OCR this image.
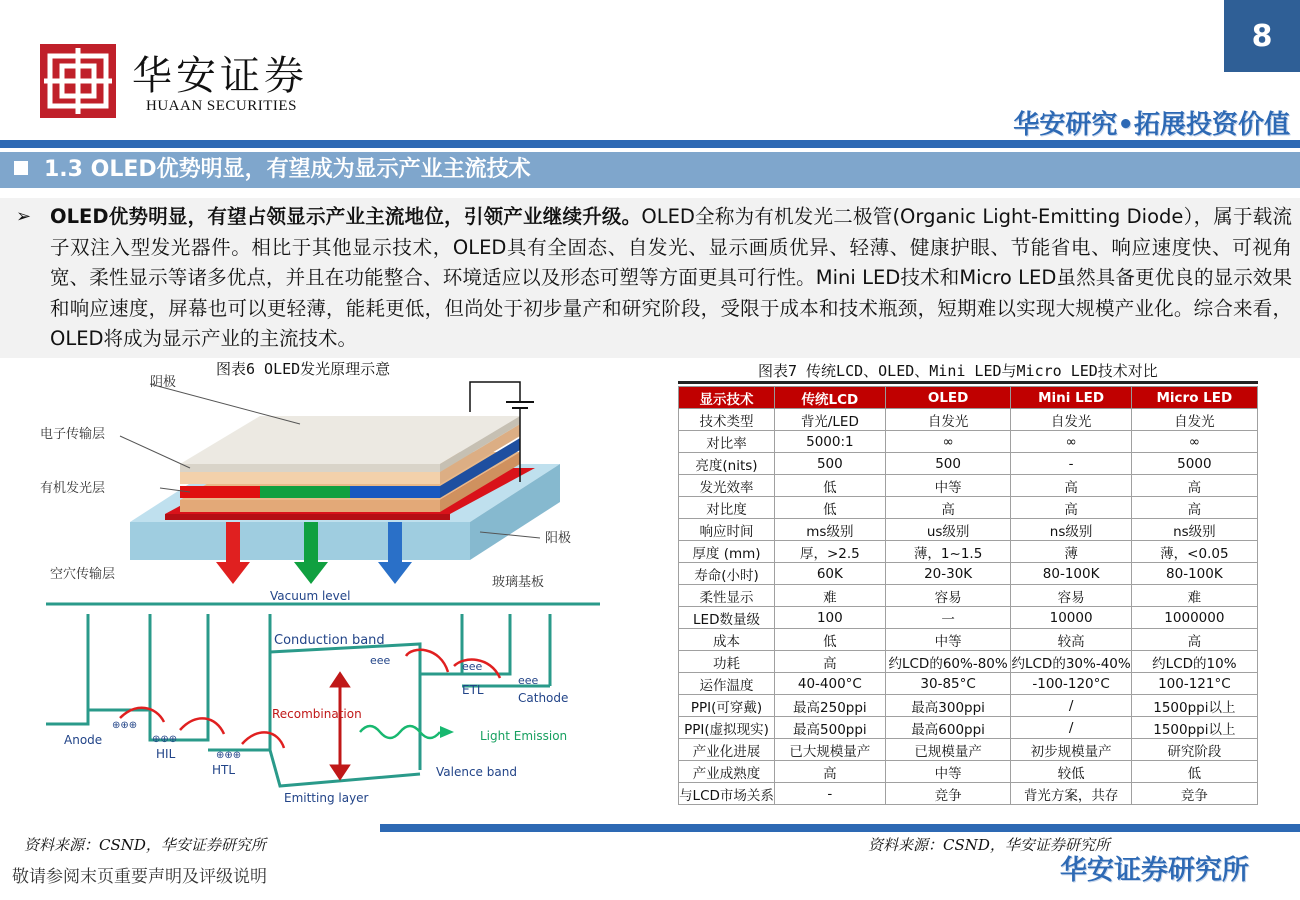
华安证券
HUAAN SECURITIES
8
华安研究•拓展投资价值
1.3 OLED优势明显，有望成为显示产业主流技术
➢ OLED优势明显，有望占领显示产业主流地位，引领产业继续升级。OLED全称为有机发光二极管(Organic Light-Emitting Diode），属于载流子双注入型发光器件。相比于其他显示技术，OLED具有全固态、自发光、显示画质优异、轻薄、健康护眼、节能省电、响应速度快、可视角宽、柔性显示等诸多优点，并且在功能整合、环境适应以及形态可塑等方面更具可行性。Mini LED技术和Micro LED虽然具备更优良的显示效果和响应速度，屏幕也可以更轻薄，能耗更低，但尚处于初步量产和研究阶段，受限于成本和技术瓶颈，短期难以实现大规模产业化。综合来看，OLED将成为显示产业的主流技术。
图表6 OLED发光原理示意
阴极
电子传输层
有机发光层
阳极
空穴传输层
玻璃基板
Vacuum level
Conduction band
eee	eee
eee
ETL
Cathode
Recombination
Light Emission
Valence band
Emitting layer
Anode
⊕⊕⊕
⊕⊕⊕
⊕⊕⊕
HIL
HTL
图表7 传统LCD、OLED、Mini LED与Micro LED技术对比
显示技术	传统LCD	OLED	Mini LED	Micro LED
技术类型	背光/LED	自发光	自发光	自发光
对比率	5000:1	∞	∞	∞
亮度(nits)	500	500	-	5000
发光效率	低	中等	高	高
对比度	低	高	高	高
响应时间	ms级别	us级别	ns级别	ns级别
厚度 (mm)	厚，>2.5	薄，1~1.5	薄	薄，<0.05
寿命(小时)	60K	20-30K	80-100K	80-100K
柔性显示	难	容易	容易	难
LED数量级	100	一	10000	1000000
成本	低	中等	较高	高
功耗	高	约LCD的60%-80%	约LCD的30%-40%	约LCD的10%
运作温度	40-400°C	30-85°C	-100-120°C	100-121°C
PPI(可穿戴)	最高250ppi	最高300ppi	/	1500ppi以上
PPI(虚拟现实)	最高500ppi	最高600ppi	/	1500ppi以上
产业化进展	已大规模量产	已规模量产	初步规模量产	研究阶段
产业成熟度	高	中等	较低	低
与LCD市场关系	-	竞争	背光方案，共存	竞争
资料来源：CSND，华安证券研究所	资料来源：CSND，华安证券研究所
敬请参阅末页重要声明及评级说明	华安证券研究所
